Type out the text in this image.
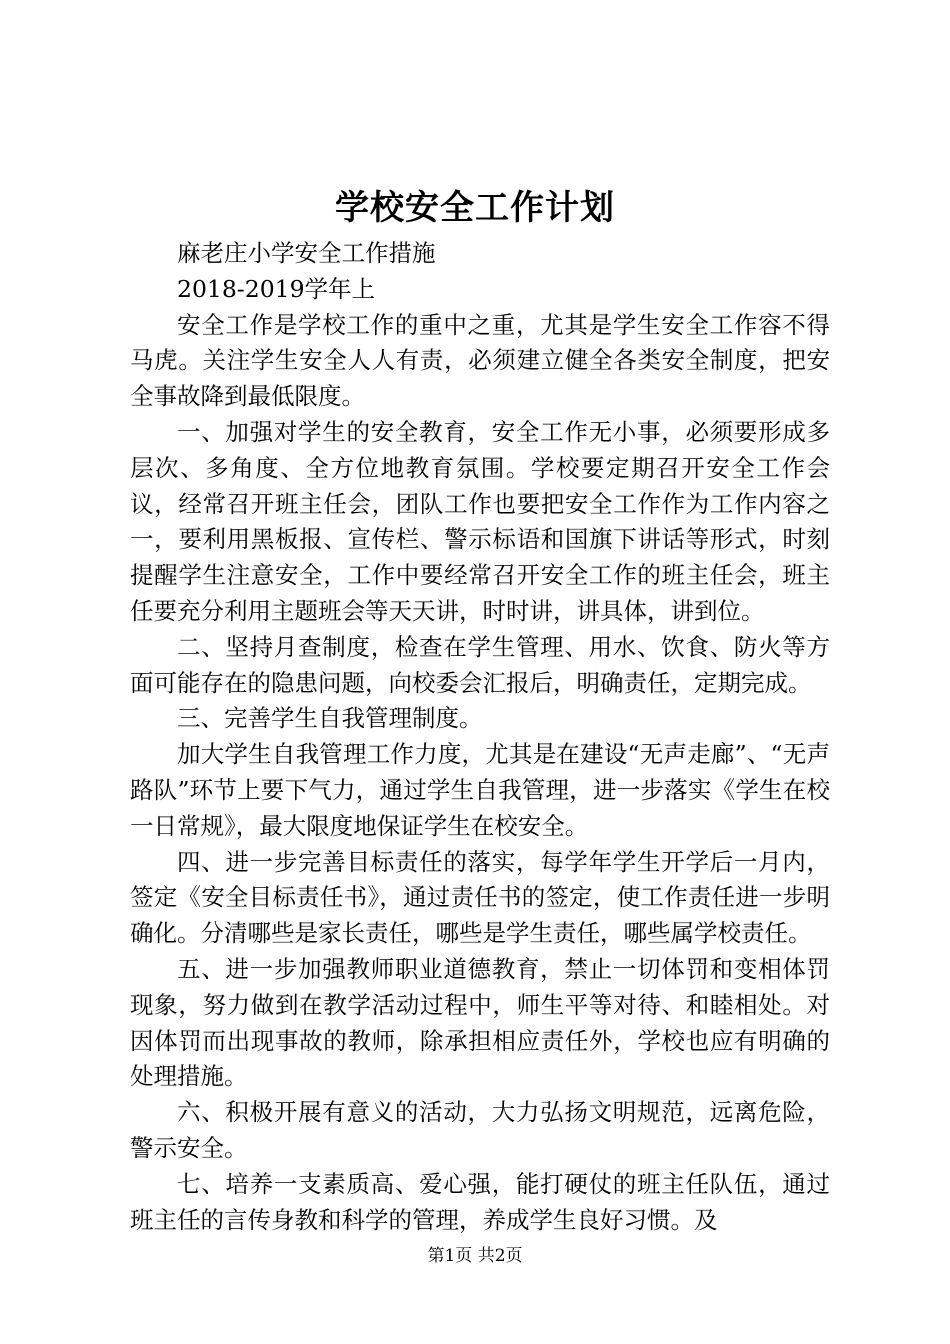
学校安全工作计划

麻老庄小学安全工作措施

2018-2019学年上

安全工作是学校工作的重中之重，尤其是学生安全工作容不得马虎。关注学生安全人人有责，必须建立健全各类安全制度，把安全事故降到最低限度。

一、加强对学生的安全教育，安全工作无小事，必须要形成多层次、多角度、全方位地教育氛围。学校要定期召开安全工作会议，经常召开班主任会，团队工作也要把安全工作作为工作内容之一，要利用黑板报、宣传栏、警示标语和国旗下讲话等形式，时刻提醒学生注意安全，工作中要经常召开安全工作的班主任会，班主任要充分利用主题班会等天天讲，时时讲，讲具体，讲到位。

二、坚持月查制度，检查在学生管理、用水、饮食、防火等方面可能存在的隐患问题，向校委会汇报后，明确责任，定期完成。

三、完善学生自我管理制度。

加大学生自我管理工作力度，尤其是在建设“无声走廊”、“无声路队”环节上要下气力，通过学生自我管理，进一步落实《学生在校一日常规》，最大限度地保证学生在校安全。

四、进一步完善目标责任的落实，每学年学生开学后一月内，签定《安全目标责任书》，通过责任书的签定，使工作责任进一步明确化。分清哪些是家长责任，哪些是学生责任，哪些属学校责任。

五、进一步加强教师职业道德教育，禁止一切体罚和变相体罚现象，努力做到在教学活动过程中，师生平等对待、和睦相处。对因体罚而出现事故的教师，除承担相应责任外，学校也应有明确的处理措施。

六、积极开展有意义的活动，大力弘扬文明规范，远离危险，警示安全。

七、培养一支素质高、爱心强，能打硬仗的班主任队伍，通过班主任的言传身教和科学的管理，养成学生良好习惯。及

第1页 共2页
